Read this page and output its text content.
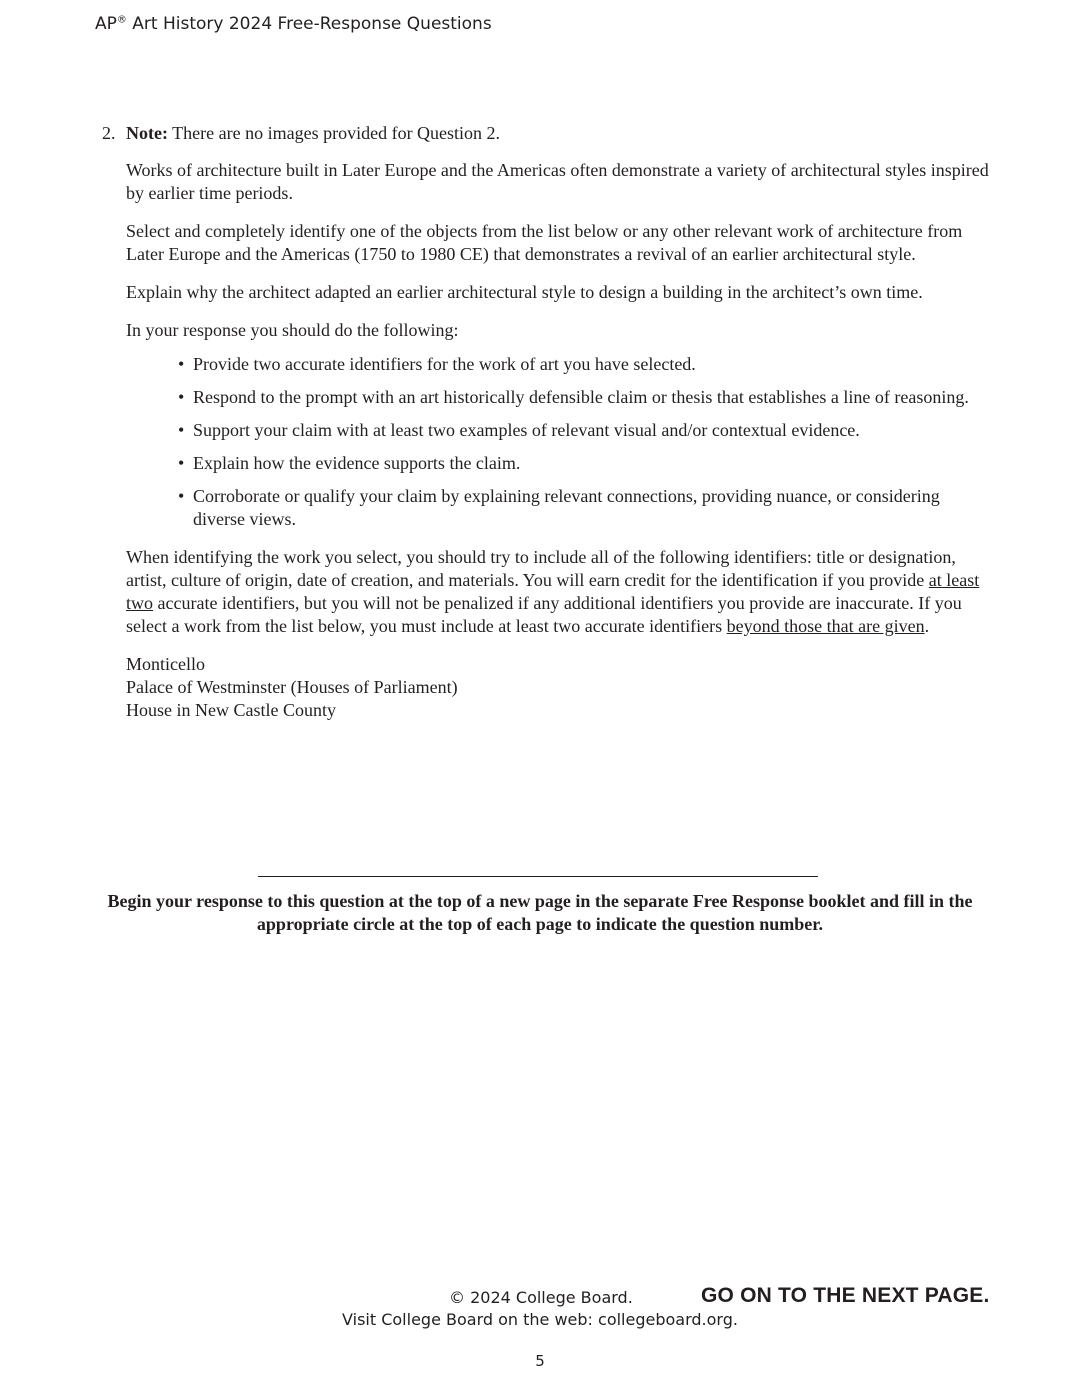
AP® Art History 2024 Free-Response Questions
2. Note: There are no images provided for Question 2.

Works of architecture built in Later Europe and the Americas often demonstrate a variety of architectural styles inspired by earlier time periods.

Select and completely identify one of the objects from the list below or any other relevant work of architecture from Later Europe and the Americas (1750 to 1980 CE) that demonstrates a revival of an earlier architectural style.

Explain why the architect adapted an earlier architectural style to design a building in the architect’s own time.

In your response you should do the following:

• Provide two accurate identifiers for the work of art you have selected.
• Respond to the prompt with an art historically defensible claim or thesis that establishes a line of reasoning.
• Support your claim with at least two examples of relevant visual and/or contextual evidence.
• Explain how the evidence supports the claim.
• Corroborate or qualify your claim by explaining relevant connections, providing nuance, or considering diverse views.

When identifying the work you select, you should try to include all of the following identifiers: title or designation, artist, culture of origin, date of creation, and materials. You will earn credit for the identification if you provide at least two accurate identifiers, but you will not be penalized if any additional identifiers you provide are inaccurate. If you select a work from the list below, you must include at least two accurate identifiers beyond those that are given.

Monticello
Palace of Westminster (Houses of Parliament)
House in New Castle County
Begin your response to this question at the top of a new page in the separate Free Response booklet and fill in the appropriate circle at the top of each page to indicate the question number.
© 2024 College Board.	GO ON TO THE NEXT PAGE.
Visit College Board on the web: collegeboard.org.
5
